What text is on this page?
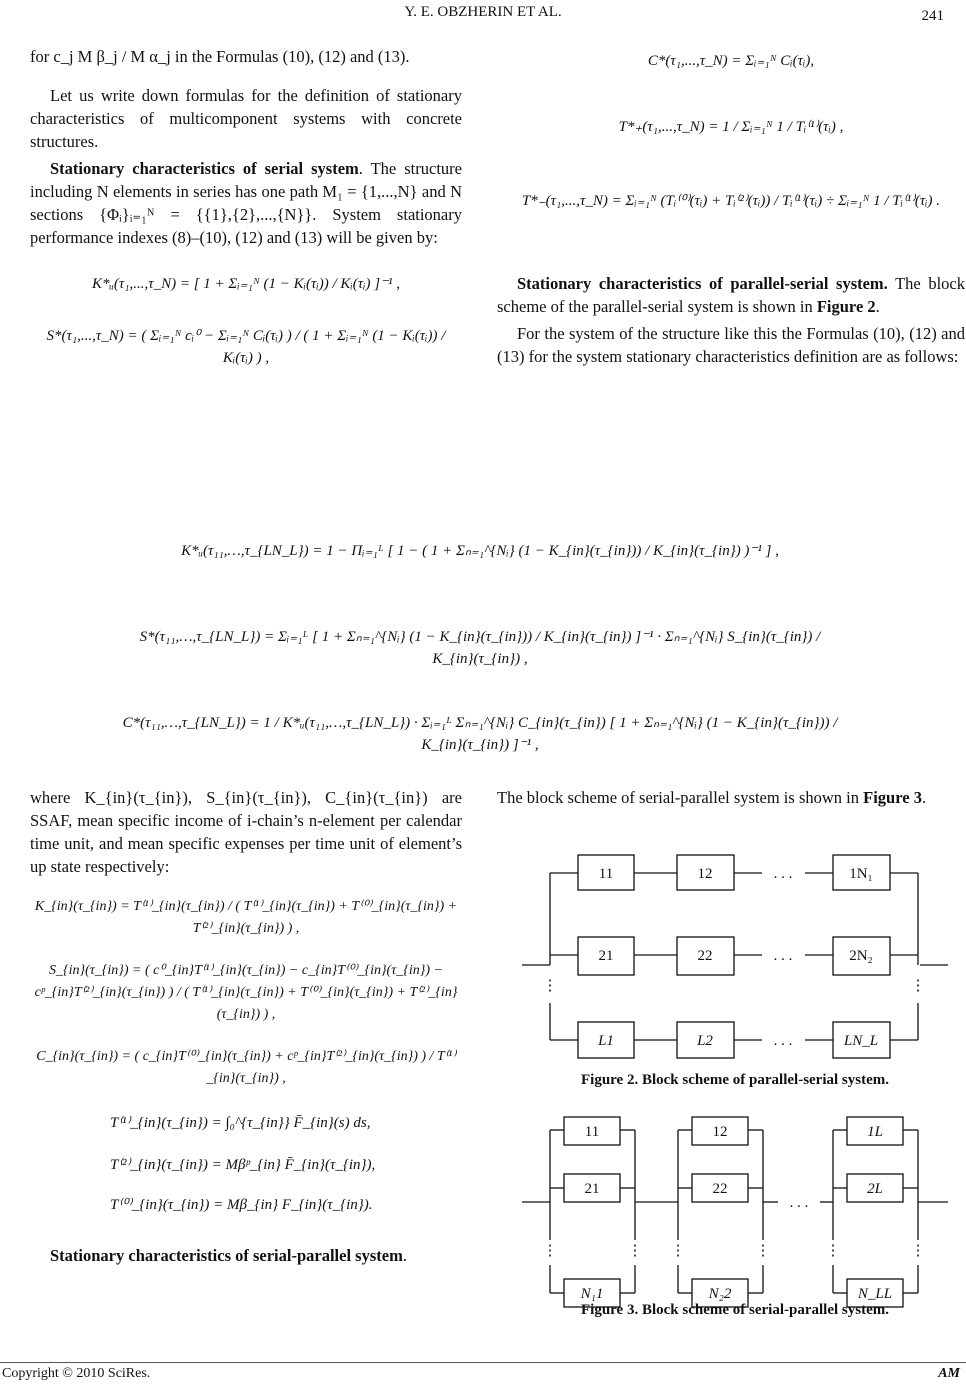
Y. E. OBZHERIN ET AL.	241

for c_j M β_j / M α_j in the Formulas (10), (12) and (13).

Let us write down formulas for the definition of stationary characteristics of multicomponent systems with concrete structures.

Stationary characteristics of serial system. The structure including N elements in series has one path M₁ = {1,...,N} and N sections {Φᵢ}ᵢ₌₁ᴺ = {{1},{2},...,{N}}. System stationary performance indexes (8)–(10), (12) and (13) will be given by:

K*ᵤ(τ₁,...,τ_N) = [ 1 + Σᵢ₌₁ᴺ (1 − Kᵢ(τᵢ)) / Kᵢ(τᵢ) ]⁻¹ ,
S*(τ₁,...,τ_N) = ( Σᵢ₌₁ᴺ cᵢ⁰ − Σᵢ₌₁ᴺ Cᵢ(τᵢ) ) / ( 1 + Σᵢ₌₁ᴺ (1 − Kᵢ(τᵢ)) / Kᵢ(τᵢ) ) ,
C*(τ₁,...,τ_N) = Σᵢ₌₁ᴺ Cᵢ(τᵢ),
T*₊(τ₁,...,τ_N) = 1 / Σᵢ₌₁ᴺ 1 / Tᵢ⁽¹⁾(τᵢ) ,
T*₋(τ₁,...,τ_N) = Σᵢ₌₁ᴺ (Tᵢ⁽⁰⁾(τᵢ) + Tᵢ⁽²⁾(τᵢ)) / Tᵢ⁽¹⁾(τᵢ) ÷ Σᵢ₌₁ᴺ 1 / Tᵢ⁽¹⁾(τᵢ) .

Stationary characteristics of parallel-serial system. The block scheme of the parallel-serial system is shown in Figure 2.

For the system of the structure like this the Formulas (10), (12) and (13) for the system stationary characteristics definition are as follows:

K*ᵤ(τ₁₁,…,τ_{LN_L}) = 1 − Πᵢ₌₁ᴸ [ 1 − ( 1 + Σₙ₌₁^{Nᵢ} (1 − K_{in}(τ_{in})) / K_{in}(τ_{in}) )⁻¹ ] ,
S*(τ₁₁,…,τ_{LN_L}) = Σᵢ₌₁ᴸ [ 1 + Σₙ₌₁^{Nᵢ} (1 − K_{in}(τ_{in})) / K_{in}(τ_{in}) ]⁻¹ · Σₙ₌₁^{Nᵢ} S_{in}(τ_{in}) / K_{in}(τ_{in}) ,
C*(τ₁₁,…,τ_{LN_L}) = 1 / K*ᵤ(τ₁₁,…,τ_{LN_L}) · Σᵢ₌₁ᴸ Σₙ₌₁^{Nᵢ} C_{in}(τ_{in}) [ 1 + Σₙ₌₁^{Nᵢ} (1 − K_{in}(τ_{in})) / K_{in}(τ_{in}) ]⁻¹ ,

where K_{in}(τ_{in}), S_{in}(τ_{in}), C_{in}(τ_{in}) are SSAF, mean specific income of i-chain’s n-element per calendar time unit, and mean specific expenses per time unit of element’s up state respectively:

K_{in}(τ_{in}) = T⁽¹⁾_{in}(τ_{in}) / ( T⁽¹⁾_{in}(τ_{in}) + T⁽⁰⁾_{in}(τ_{in}) + T⁽²⁾_{in}(τ_{in}) ) ,
S_{in}(τ_{in}) = ( c⁰_{in}T⁽¹⁾_{in}(τ_{in}) − c_{in}T⁽⁰⁾_{in}(τ_{in}) − cᵖ_{in}T⁽²⁾_{in}(τ_{in}) ) / ( T⁽¹⁾_{in}(τ_{in}) + T⁽⁰⁾_{in}(τ_{in}) + T⁽²⁾_{in}(τ_{in}) ) ,
C_{in}(τ_{in}) = ( c_{in}T⁽⁰⁾_{in}(τ_{in}) + cᵖ_{in}T⁽²⁾_{in}(τ_{in}) ) / T⁽¹⁾_{in}(τ_{in}) ,
T⁽¹⁾_{in}(τ_{in}) = ∫₀^{τ_{in}} F̄_{in}(s) ds,
T⁽²⁾_{in}(τ_{in}) = Mβᵖ_{in} F̄_{in}(τ_{in}),
T⁽⁰⁾_{in}(τ_{in}) = Mβ_{in} F_{in}(τ_{in}).

Stationary characteristics of serial-parallel system.

The block scheme of serial-parallel system is shown in Figure 3.

11	12	1N₁
21	22	2N₂
L1	L2	LN_L
. . .
. . .
. . .
⋮	⋮
Figure 2. Block scheme of parallel-serial system.
11
21
N₁1
12
22
N₂2
1L
2L
N_LL
. . .
⋮	⋮ ⋮	⋮	⋮	⋮
Figure 3. Block scheme of serial-parallel system.
Copyright © 2010 SciRes.	AM
